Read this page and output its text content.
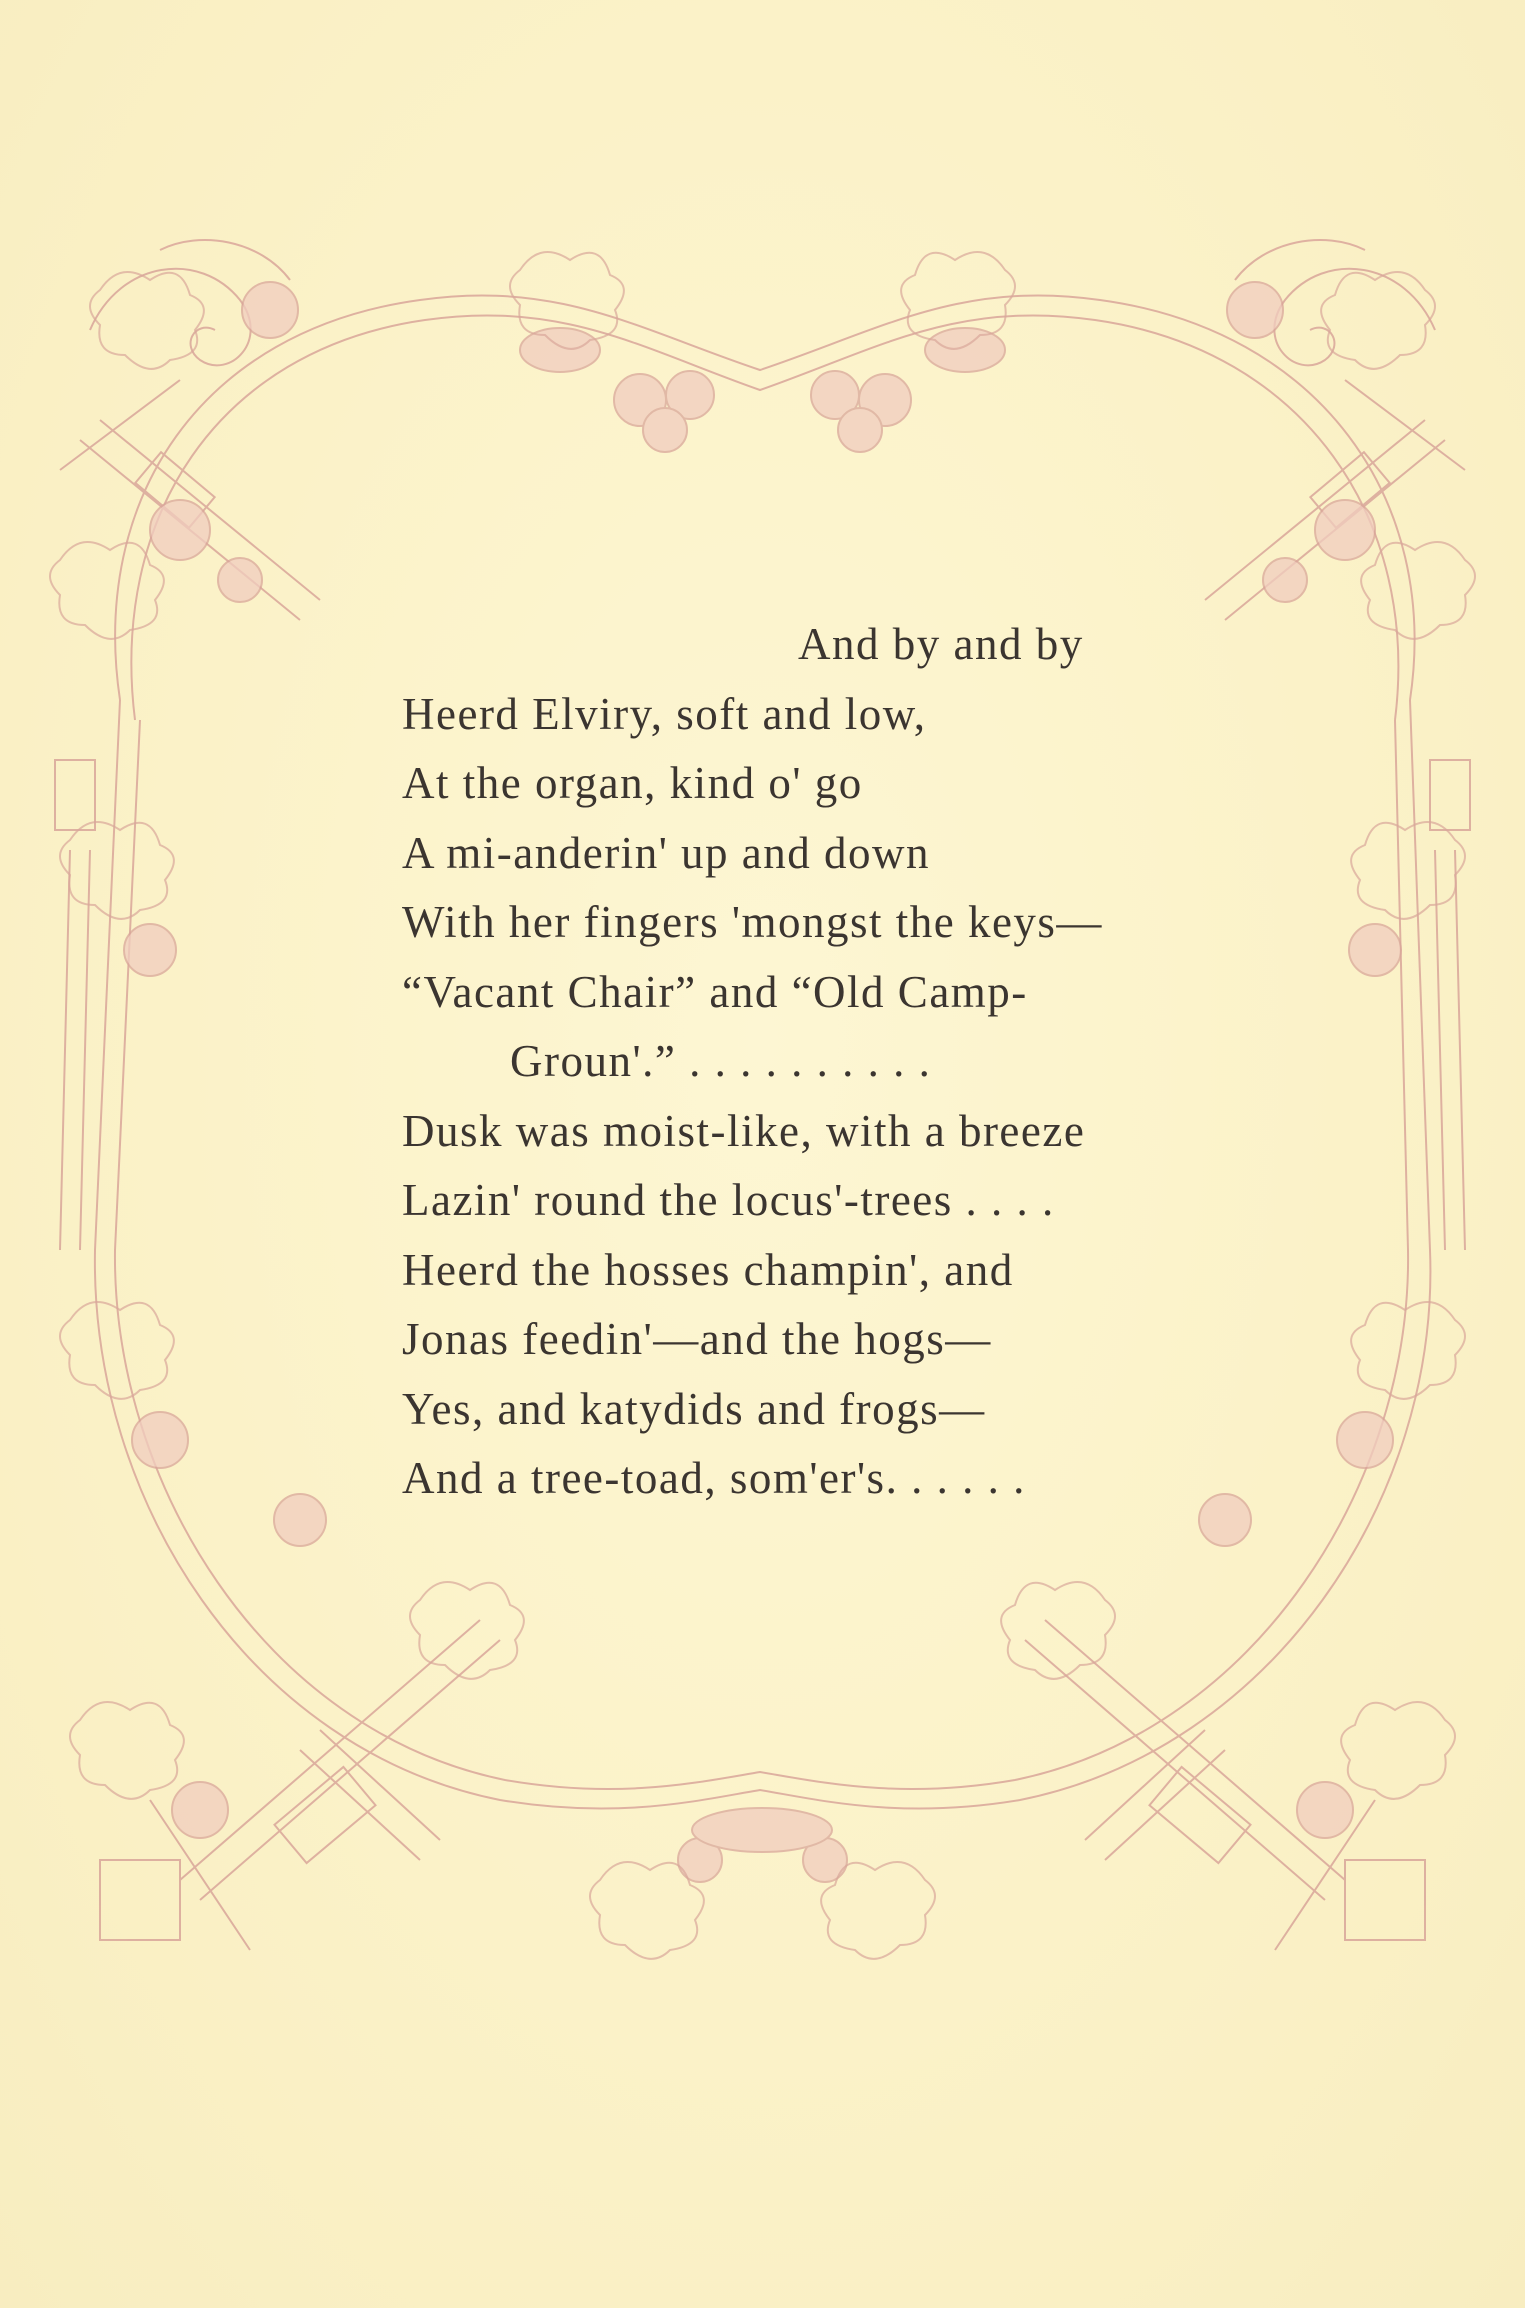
And by and by
Heerd Elviry, soft and low,
At the organ, kind o' go
A mi-anderin' up and down
With her fingers 'mongst the keys—
“Vacant Chair” and “Old Camp-
Groun'.” . . . . . . . . . .
Dusk was moist-like, with a breeze
Lazin' round the locus'-trees . . . .
Heerd the hosses champin', and
Jonas feedin'—and the hogs—
Yes, and katydids and frogs—
And a tree-toad, som'er's. . . . . .
